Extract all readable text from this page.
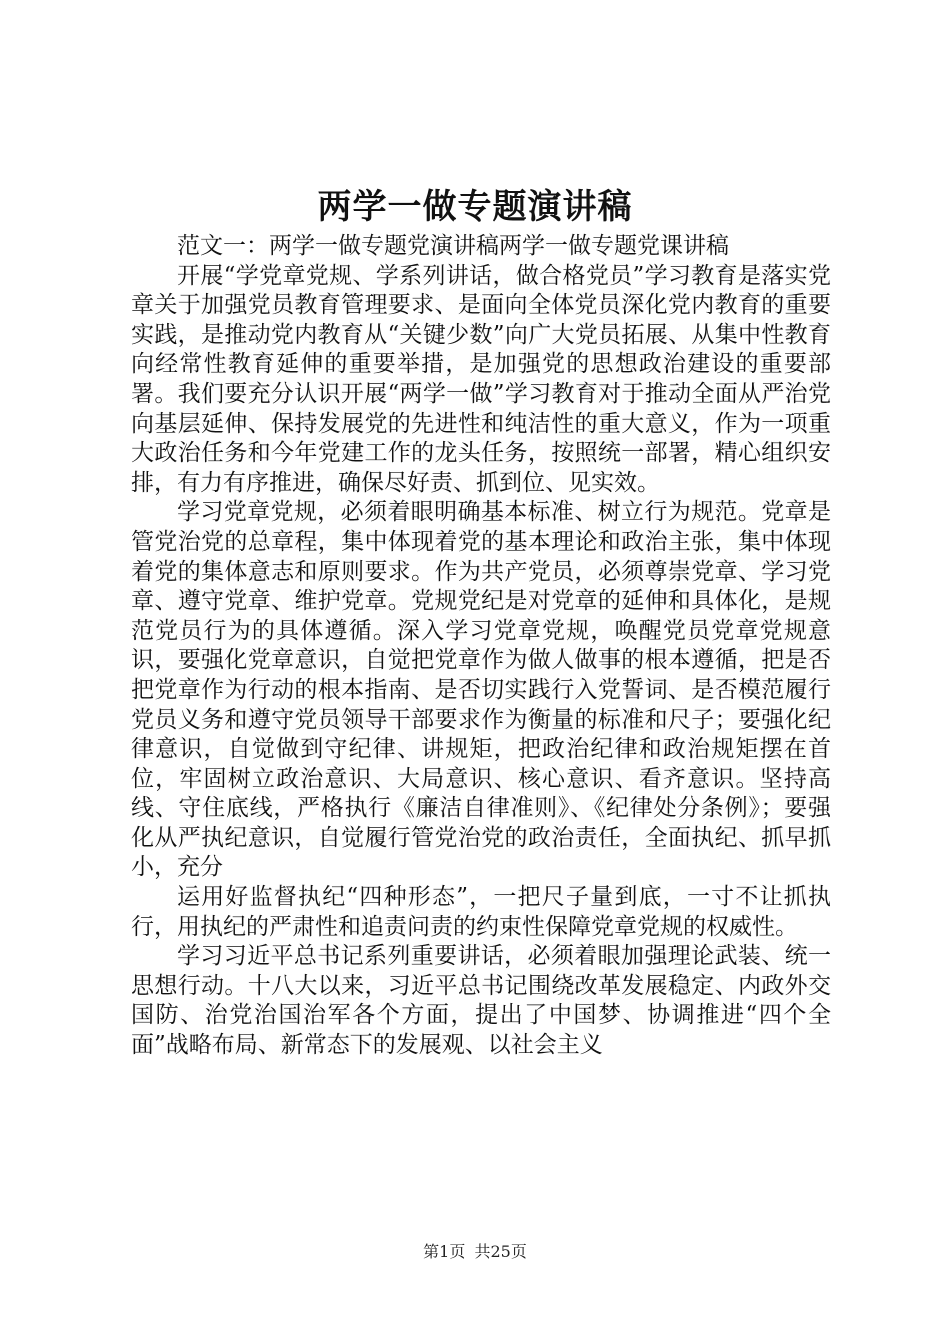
两学一做专题演讲稿

范文一：两学一做专题党演讲稿两学一做专题党课讲稿

开展“学党章党规、学系列讲话，做合格党员”学习教育是落实党章关于加强党员教育管理要求、是面向全体党员深化党内教育的重要实践，是推动党内教育从“关键少数”向广大党员拓展、从集中性教育向经常性教育延伸的重要举措，是加强党的思想政治建设的重要部署。我们要充分认识开展“两学一做”学习教育对于推动全面从严治党向基层延伸、保持发展党的先进性和纯洁性的重大意义，作为一项重大政治任务和今年党建工作的龙头任务，按照统一部署，精心组织安排，有力有序推进，确保尽好责、抓到位、见实效。

学习党章党规，必须着眼明确基本标准、树立行为规范。党章是管党治党的总章程，集中体现着党的基本理论和政治主张，集中体现着党的集体意志和原则要求。作为共产党员，必须尊崇党章、学习党章、遵守党章、维护党章。党规党纪是对党章的延伸和具体化，是规范党员行为的具体遵循。深入学习党章党规，唤醒党员党章党规意识，要强化党章意识，自觉把党章作为做人做事的根本遵循，把是否把党章作为行动的根本指南、是否切实践行入党誓词、是否模范履行党员义务和遵守党员领导干部要求作为衡量的标准和尺子；要强化纪律意识，自觉做到守纪律、讲规矩，把政治纪律和政治规矩摆在首位，牢固树立政治意识、大局意识、核心意识、看齐意识。坚持高线、守住底线，严格执行《廉洁自律准则》、《纪律处分条例》；要强化从严执纪意识，自觉履行管党治党的政治责任，全面执纪、抓早抓小，充分

运用好监督执纪“四种形态”，一把尺子量到底，一寸不让抓执行，用执纪的严肃性和追责问责的约束性保障党章党规的权威性。

学习习近平总书记系列重要讲话，必须着眼加强理论武装、统一思想行动。十八大以来，习近平总书记围绕改革发展稳定、内政外交国防、治党治国治军各个方面，提出了中国梦、协调推进“四个全面”战略布局、新常态下的发展观、以社会主义

第1页 共25页
